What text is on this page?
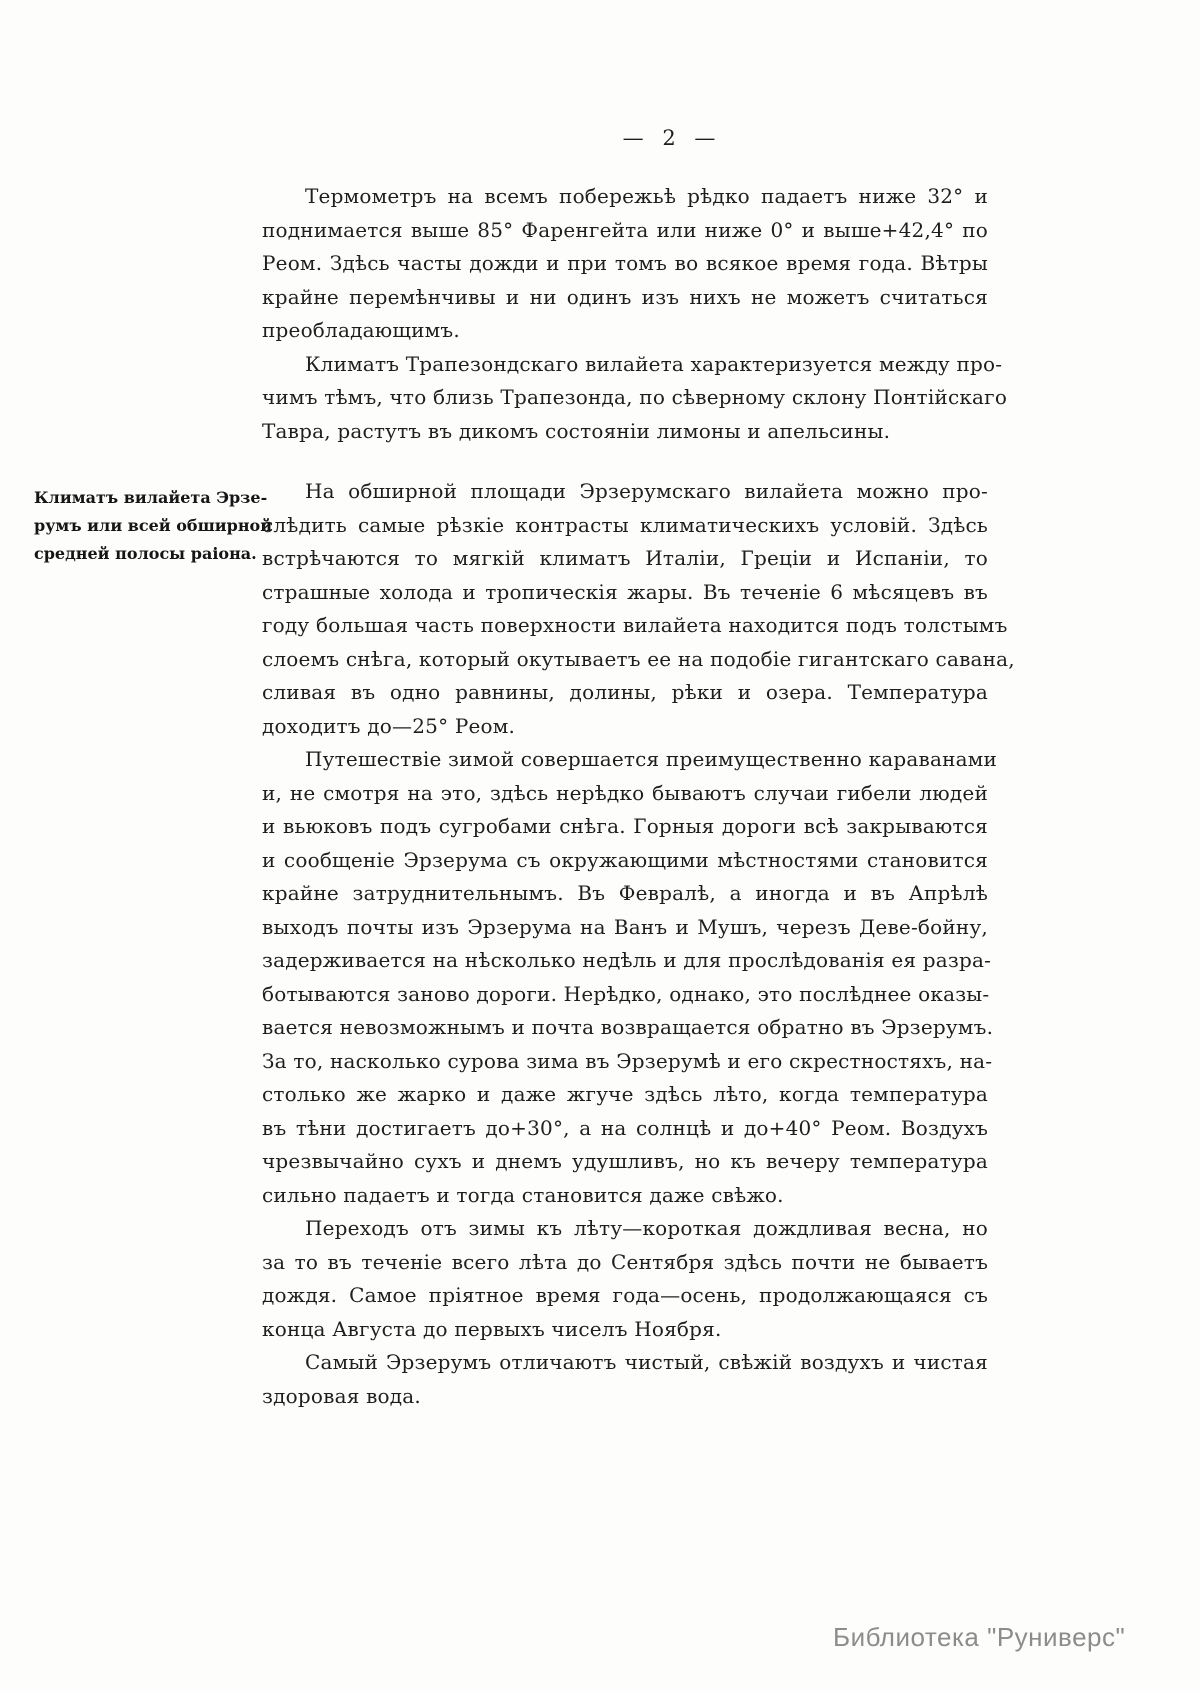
— 2 —
Климатъ вилайета Эрзе-
румъ или всей обширной
средней полосы раіона.
Термометръ на всемъ побережьѣ рѣдко падаетъ ниже 32° и
поднимается выше 85° Фаренгейта или ниже 0° и выше+42,4° по
Реом. Здѣсь часты дожди и при томъ во всякое время года. Вѣтры
крайне перемѣнчивы и ни одинъ изъ нихъ не можетъ считаться
преобладающимъ.
Климатъ Трапезондскаго вилайета характеризуется между про-
чимъ тѣмъ, что близь Трапезонда, по сѣверному склону Понтійскаго
Тавра, растутъ въ дикомъ состояніи лимоны и апельсины.
На обширной площади Эрзерумскаго вилайета можно про-
слѣдить самые рѣзкіе контрасты климатическихъ условій. Здѣсь
встрѣчаются то мягкій климатъ Италіи, Греціи и Испаніи, то
страшные холода и тропическія жары. Въ теченіе 6 мѣсяцевъ въ
году большая часть поверхности вилайета находится подъ толстымъ
слоемъ снѣга, который окутываетъ ее на подобіе гигантскаго савана,
сливая въ одно равнины, долины, рѣки и озера. Температура
доходитъ до—25° Реом.
Путешествіе зимой совершается преимущественно караванами
и, не смотря на это, здѣсь нерѣдко бываютъ случаи гибели людей
и вьюковъ подъ сугробами снѣга. Горныя дороги всѣ закрываются
и сообщеніе Эрзерума съ окружающими мѣстностями становится
крайне затруднительнымъ. Въ Февралѣ, а иногда и въ Апрѣлѣ
выходъ почты изъ Эрзерума на Ванъ и Мушъ, черезъ Деве-бойну,
задерживается на нѣсколько недѣль и для прослѣдованія ея разра-
ботываются заново дороги. Нерѣдко, однако, это послѣднее оказы-
вается невозможнымъ и почта возвращается обратно въ Эрзерумъ.
За то, насколько сурова зима въ Эрзерумѣ и его скрестностяхъ, на-
столько же жарко и даже жгуче здѣсь лѣто, когда температура
въ тѣни достигаетъ до+30°, а на солнцѣ и до+40° Реом. Воздухъ
чрезвычайно сухъ и днемъ удушливъ, но къ вечеру температура
сильно падаетъ и тогда становится даже свѣжо.
Переходъ отъ зимы къ лѣту—короткая дождливая весна, но
за то въ теченіе всего лѣта до Сентября здѣсь почти не бываетъ
дождя. Самое пріятное время года—осень, продолжающаяся съ
конца Августа до первыхъ чиселъ Ноября.
Самый Эрзерумъ отличаютъ чистый, свѣжій воздухъ и чистая
здоровая вода.
Библиотека "Руниверс"
